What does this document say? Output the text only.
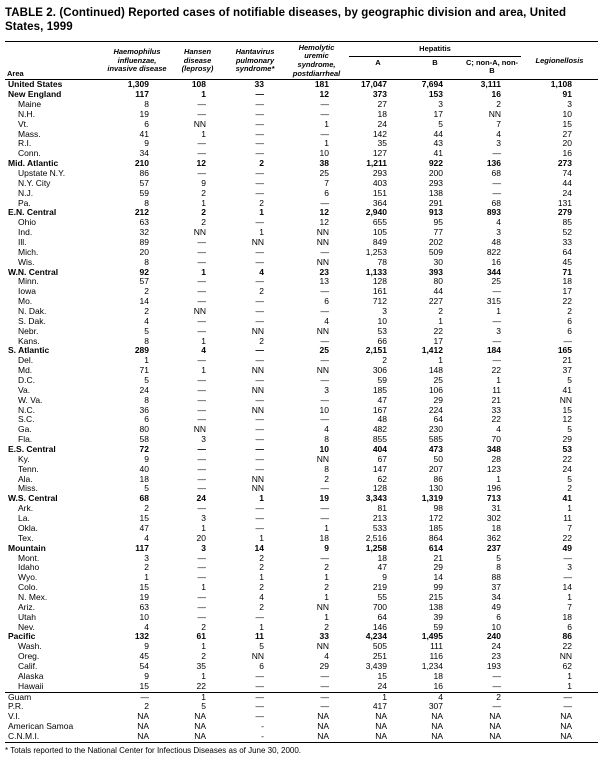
TABLE 2. (Continued) Reported cases of notifiable diseases, by geographic division and area, United States, 1999
Area	Haemophilus influenzae, invasive disease	Hansen disease (leprosy)	Hantavirus pulmonary syndrome*	Hemolytic uremic syndrome, postdiarrheal	Hepatitis			Legionellosis
					A	B	C; non-A, non-B	
United States	1,309	108	33	181	17,047	7,694	3,111	1,108
New England	117	1	—	12	373	153	16	91
Maine	8	—	—	—	27	3	2	3
N.H.	19	—	—	—	18	17	NN	10
Vt.	6	NN	—	1	24	5	7	15
Mass.	41	1	—	—	142	44	4	27
R.I.	9	—	—	1	35	43	3	20
Conn.	34	—	—	10	127	41	—	16
Mid. Atlantic	210	12	2	38	1,211	922	136	273
Upstate N.Y.	86	—	—	25	293	200	68	74
N.Y. City	57	9	—	7	403	293	—	44
N.J.	59	2	—	6	151	138	—	24
Pa.	8	1	2	—	364	291	68	131
E.N. Central	212	2	1	12	2,940	913	893	279
Ohio	63	2	—	12	655	95	4	85
Ind.	32	NN	1	NN	105	77	3	52
Ill.	89	—	NN	NN	849	202	48	33
Mich.	20	—	—	—	1,253	509	822	64
Wis.	8	—	—	NN	78	30	16	45
W.N. Central	92	1	4	23	1,133	393	344	71
Minn.	57	—	—	13	128	80	25	18
Iowa	2	—	2	—	161	44	—	17
Mo.	14	—	—	6	712	227	315	22
N. Dak.	2	NN	—	—	3	2	1	2
S. Dak.	4	—	—	4	10	1	—	6
Nebr.	5	—	NN	NN	53	22	3	6
Kans.	8	1	2	—	66	17	—	—
S. Atlantic	289	4	—	25	2,151	1,412	184	165
Del.	1	—	—	—	2	1	—	21
Md.	71	1	NN	NN	306	148	22	37
D.C.	5	—	—	—	59	25	1	5
Va.	24	—	NN	3	185	106	11	41
W. Va.	8	—	—	—	47	29	21	NN
N.C.	36	—	NN	10	167	224	33	15
S.C.	6	—	—	—	48	64	22	12
Ga.	80	NN	—	4	482	230	4	5
Fla.	58	3	—	8	855	585	70	29
E.S. Central	72	—	—	10	404	473	348	53
Ky.	9	—	—	NN	67	50	28	22
Tenn.	40	—	—	8	147	207	123	24
Ala.	18	—	NN	2	62	86	1	5
Miss.	5	—	NN	—	128	130	196	2
W.S. Central	68	24	1	19	3,343	1,319	713	41
Ark.	2	—	—	—	81	98	31	1
La.	15	3	—	—	213	172	302	11
Okla.	47	1	—	1	533	185	18	7
Tex.	4	20	1	18	2,516	864	362	22
Mountain	117	3	14	9	1,258	614	237	49
Mont.	3	—	2	—	18	21	5	—
Idaho	2	—	2	2	47	29	8	3
Wyo.	1	—	1	1	9	14	88	—
Colo.	15	1	2	2	219	99	37	14
N. Mex.	19	—	4	1	55	215	34	1
Ariz.	63	—	2	NN	700	138	49	7
Utah	10	—	—	1	64	39	6	18
Nev.	4	2	1	2	146	59	10	6
Pacific	132	61	11	33	4,234	1,495	240	86
Wash.	9	1	5	NN	505	111	24	22
Oreg.	45	2	NN	4	251	116	23	NN
Calif.	54	35	6	29	3,439	1,234	193	62
Alaska	9	1	—	—	15	18	—	1
Hawaii	15	22	—	—	24	16	—	1
Guam	—	1	—	—	1	4	2	—
P.R.	2	5	—	—	417	307	—	—
V.I.	NA	NA	—	NA	NA	NA	NA	NA
American Samoa	NA	NA	-	NA	NA	NA	NA	NA
C.N.M.I.	NA	NA	-	NA	NA	NA	NA	NA
* Totals reported to the National Center for Infectious Diseases as of June 30, 2000.
